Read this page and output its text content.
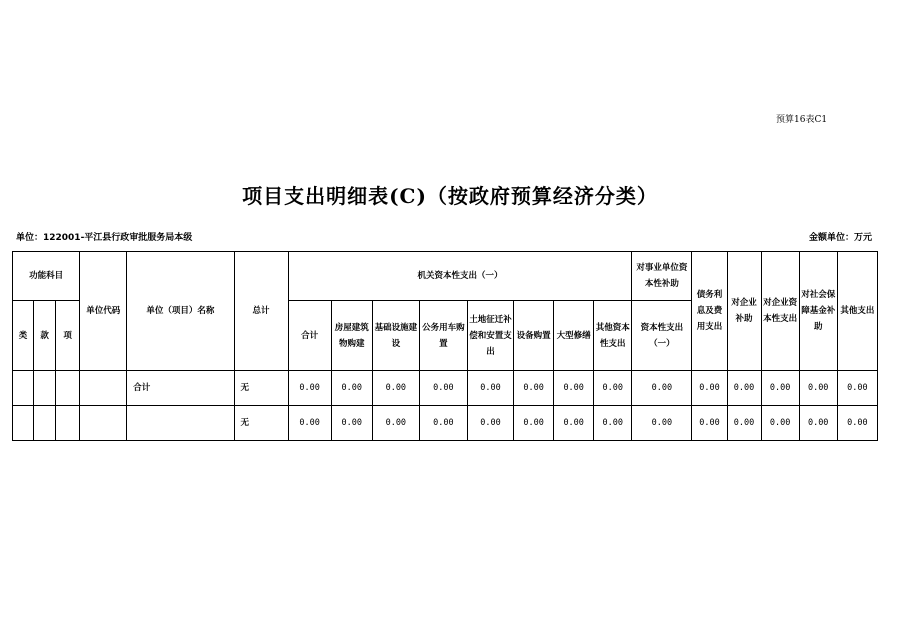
预算16表C1
项目支出明细表(C)（按政府预算经济分类）
单位：122001-平江县行政审批服务局本级	金额单位：万元
功能科目			单位代码	单位（项目）名称	总计	机关资本性支出（一）								对事业单位资本性补助	债务利息及费用支出	对企业补助	对企业资本性支出	对社会保障基金补助	其他支出
类	款	项				合计	房屋建筑物购建	基础设施建设	公务用车购置	土地征迁补偿和安置支出	设备购置	大型修缮	其他资本性支出	资本性支出（一）					
				合计	无	0.00	0.00	0.00	0.00	0.00	0.00	0.00	0.00	0.00	0.00	0.00	0.00	0.00	0.00
					无	0.00	0.00	0.00	0.00	0.00	0.00	0.00	0.00	0.00	0.00	0.00	0.00	0.00	0.00
